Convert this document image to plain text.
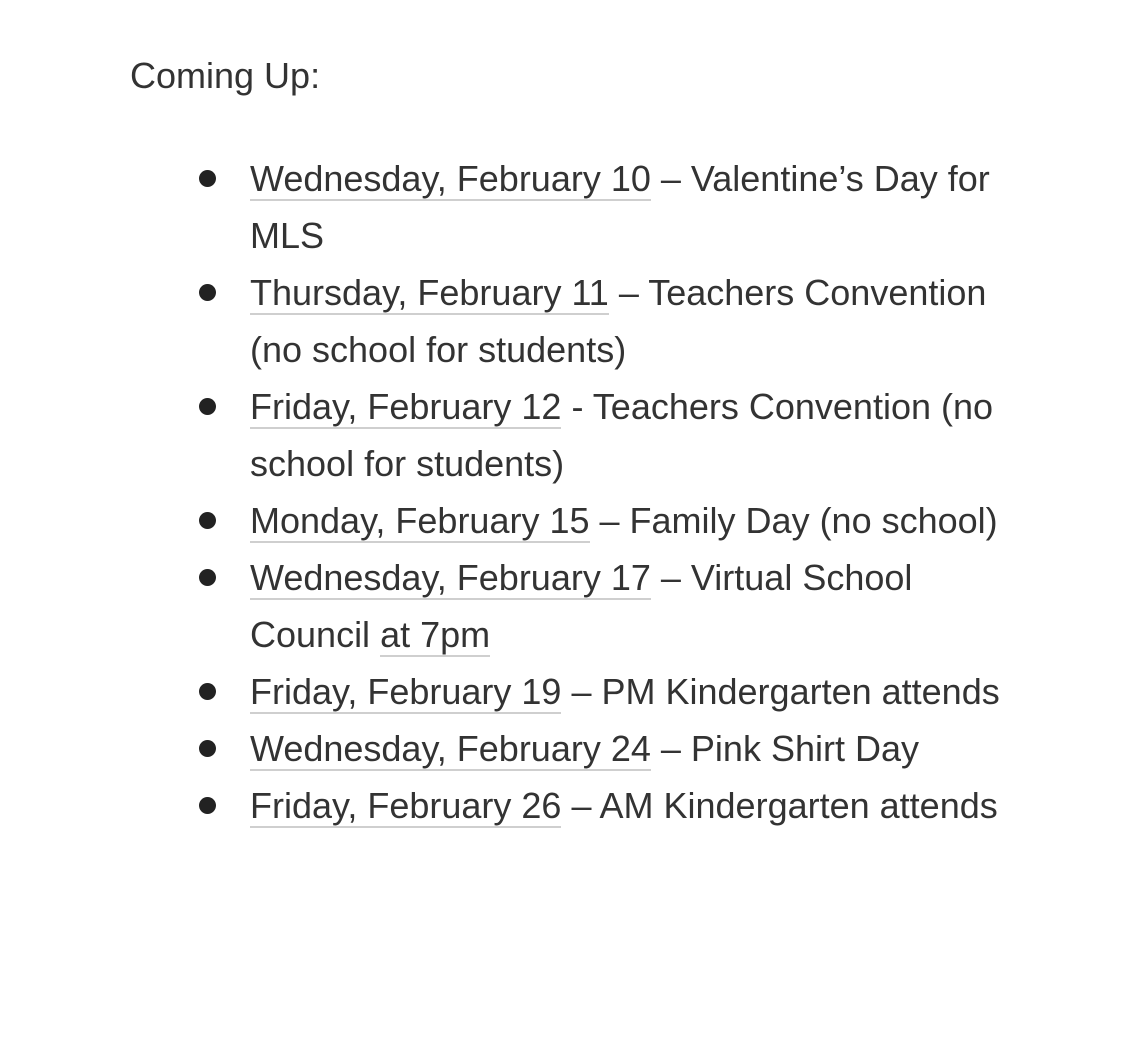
Coming Up:
Wednesday, February 10 – Valentine’s Day for MLS
Thursday, February 11 – Teachers Convention (no school for students)
Friday, February 12 - Teachers Convention (no school for students)
Monday, February 15 – Family Day (no school)
Wednesday, February 17 – Virtual School Council at 7pm
Friday, February 19 – PM Kindergarten attends
Wednesday, February 24 – Pink Shirt Day
Friday, February 26 – AM Kindergarten attends
